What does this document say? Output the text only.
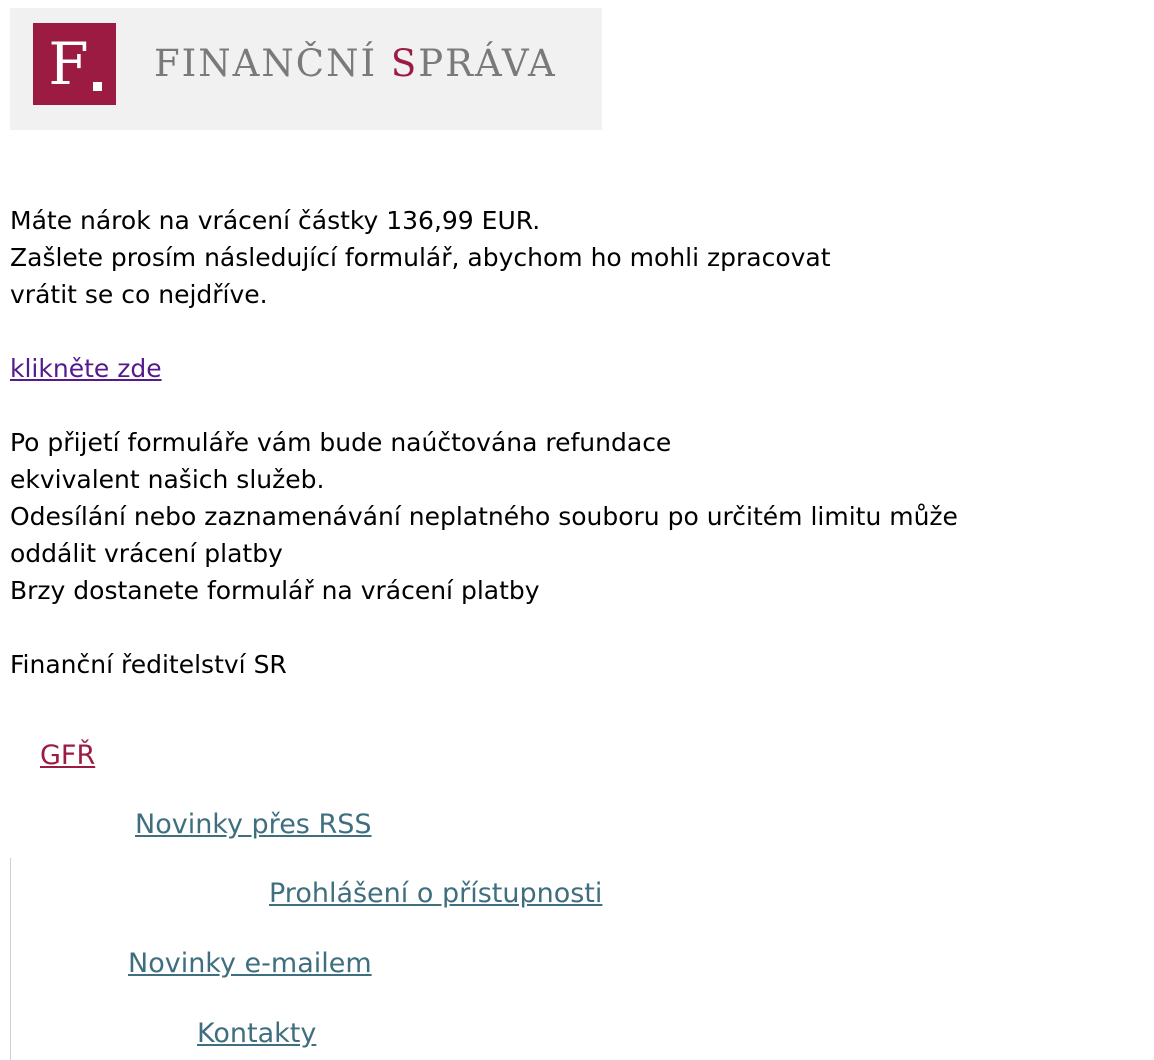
F	FINANČNÍ SPRÁVA

Máte nárok na vrácení částky 136,99 EUR.

Zašlete prosím následující formulář, abychom ho mohli zpracovat

vrátit se co nejdříve.

klikněte zde

Po přijetí formuláře vám bude naúčtována refundace

ekvivalent našich služeb.

Odesílání nebo zaznamenávání neplatného souboru po určitém limitu může

oddálit vrácení platby

Brzy dostanete formulář na vrácení platby

Finanční ředitelství SR

GFŘ
Novinky přes RSS
Prohlášení o přístupnosti
Novinky e-mailem
Kontakty
